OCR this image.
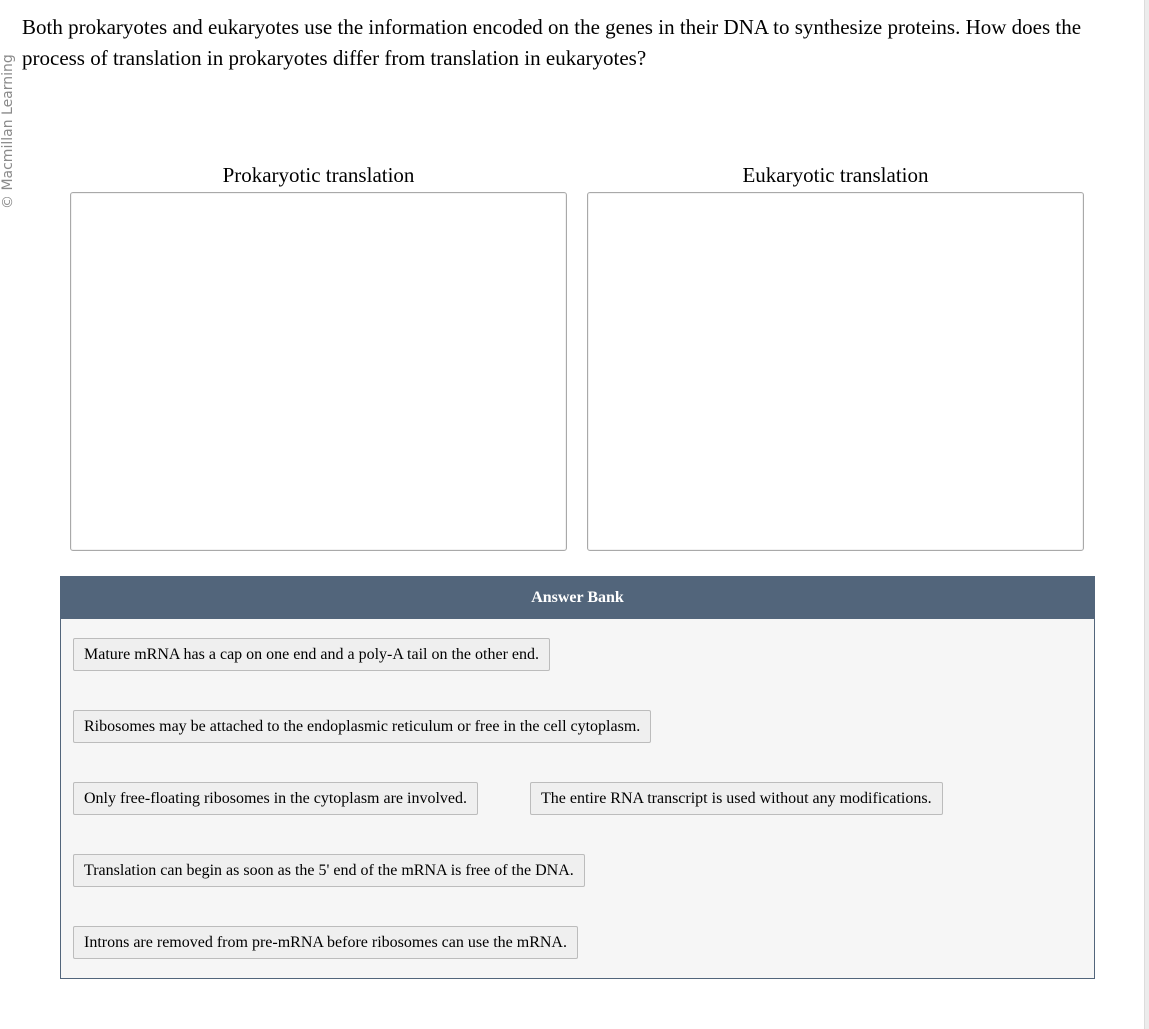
© Macmillan Learning
Both prokaryotes and eukaryotes use the information encoded on the genes in their DNA to synthesize proteins. How does the process of translation in prokaryotes differ from translation in eukaryotes?
Prokaryotic translation	Eukaryotic translation
Answer Bank
Mature mRNA has a cap on one end and a poly-A tail on the other end.
Ribosomes may be attached to the endoplasmic reticulum or free in the cell cytoplasm.
Only free-floating ribosomes in the cytoplasm are involved.	The entire RNA transcript is used without any modifications.
Translation can begin as soon as the 5' end of the mRNA is free of the DNA.
Introns are removed from pre-mRNA before ribosomes can use the mRNA.
